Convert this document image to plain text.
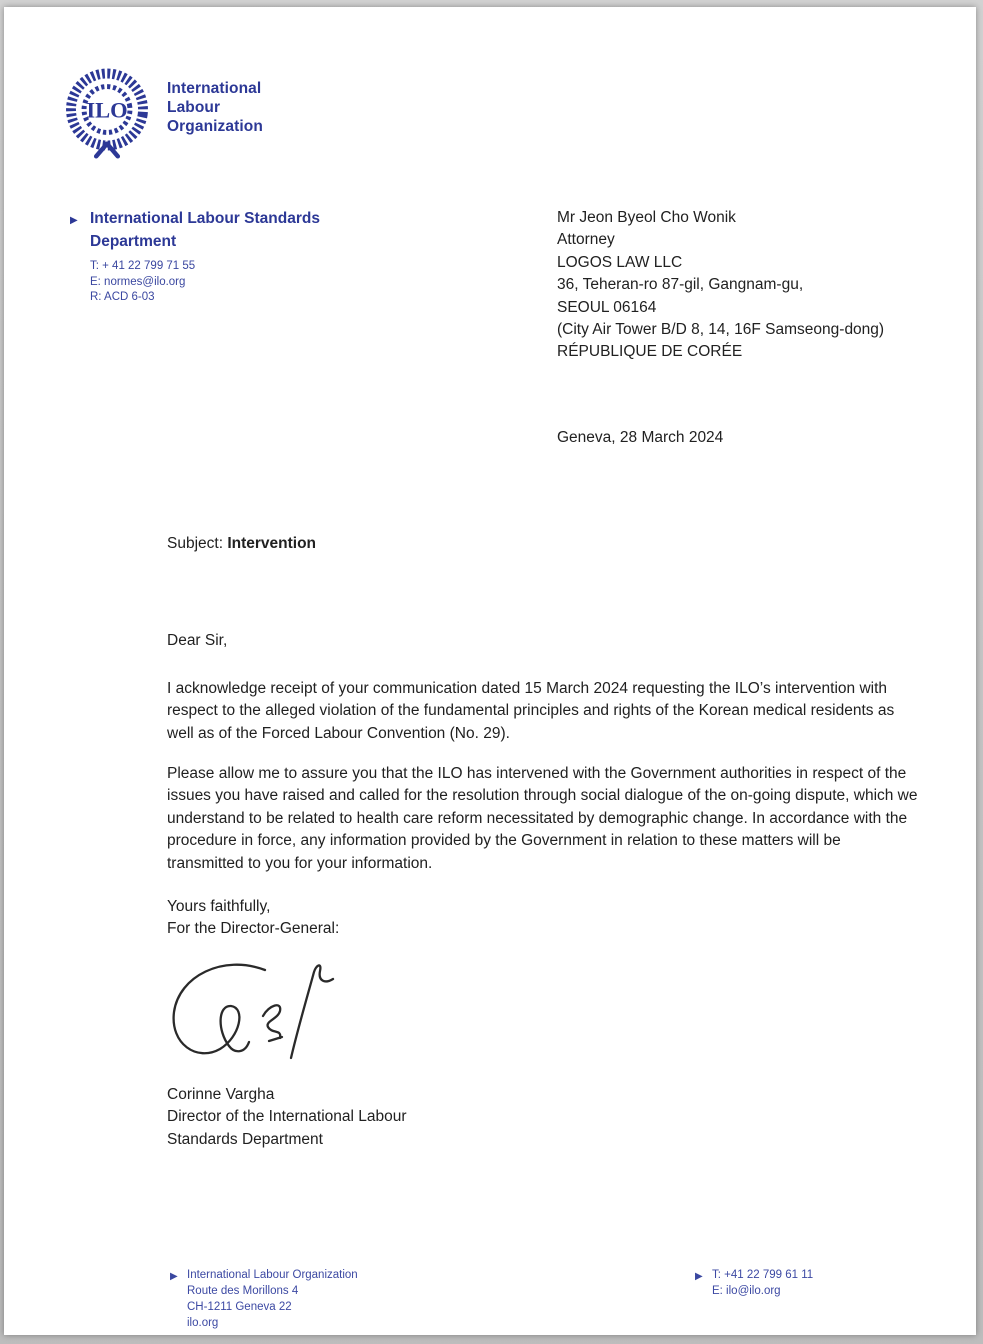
ILO
International
Labour
Organization
▶ International Labour Standards Department
T: + 41 22 799 71 55
E: normes@ilo.org
R: ACD 6-03
Mr Jeon Byeol Cho Wonik
Attorney
LOGOS LAW LLC
36, Teheran-ro 87-gil, Gangnam-gu,
SEOUL 06164
(City Air Tower B/D 8, 14, 16F Samseong-dong)
RÉPUBLIQUE DE CORÉE
Geneva, 28 March 2024
Subject: Intervention
Dear Sir,
I acknowledge receipt of your communication dated 15 March 2024 requesting the ILO’s intervention with respect to the alleged violation of the fundamental principles and rights of the Korean medical residents as well as of the Forced Labour Convention (No. 29).
Please allow me to assure you that the ILO has intervened with the Government authorities in respect of the issues you have raised and called for the resolution through social dialogue of the on-going dispute, which we understand to be related to health care reform necessitated by demographic change. In accordance with the procedure in force, any information provided by the Government in relation to these matters will be transmitted to you for your information.
Yours faithfully,
For the Director-General:
Corinne Vargha
Director of the International Labour Standards Department
▶ International Labour Organization
Route des Morillons 4
CH-1211 Geneva 22
ilo.org
▶ T: +41 22 799 61 11
E: ilo@ilo.org
